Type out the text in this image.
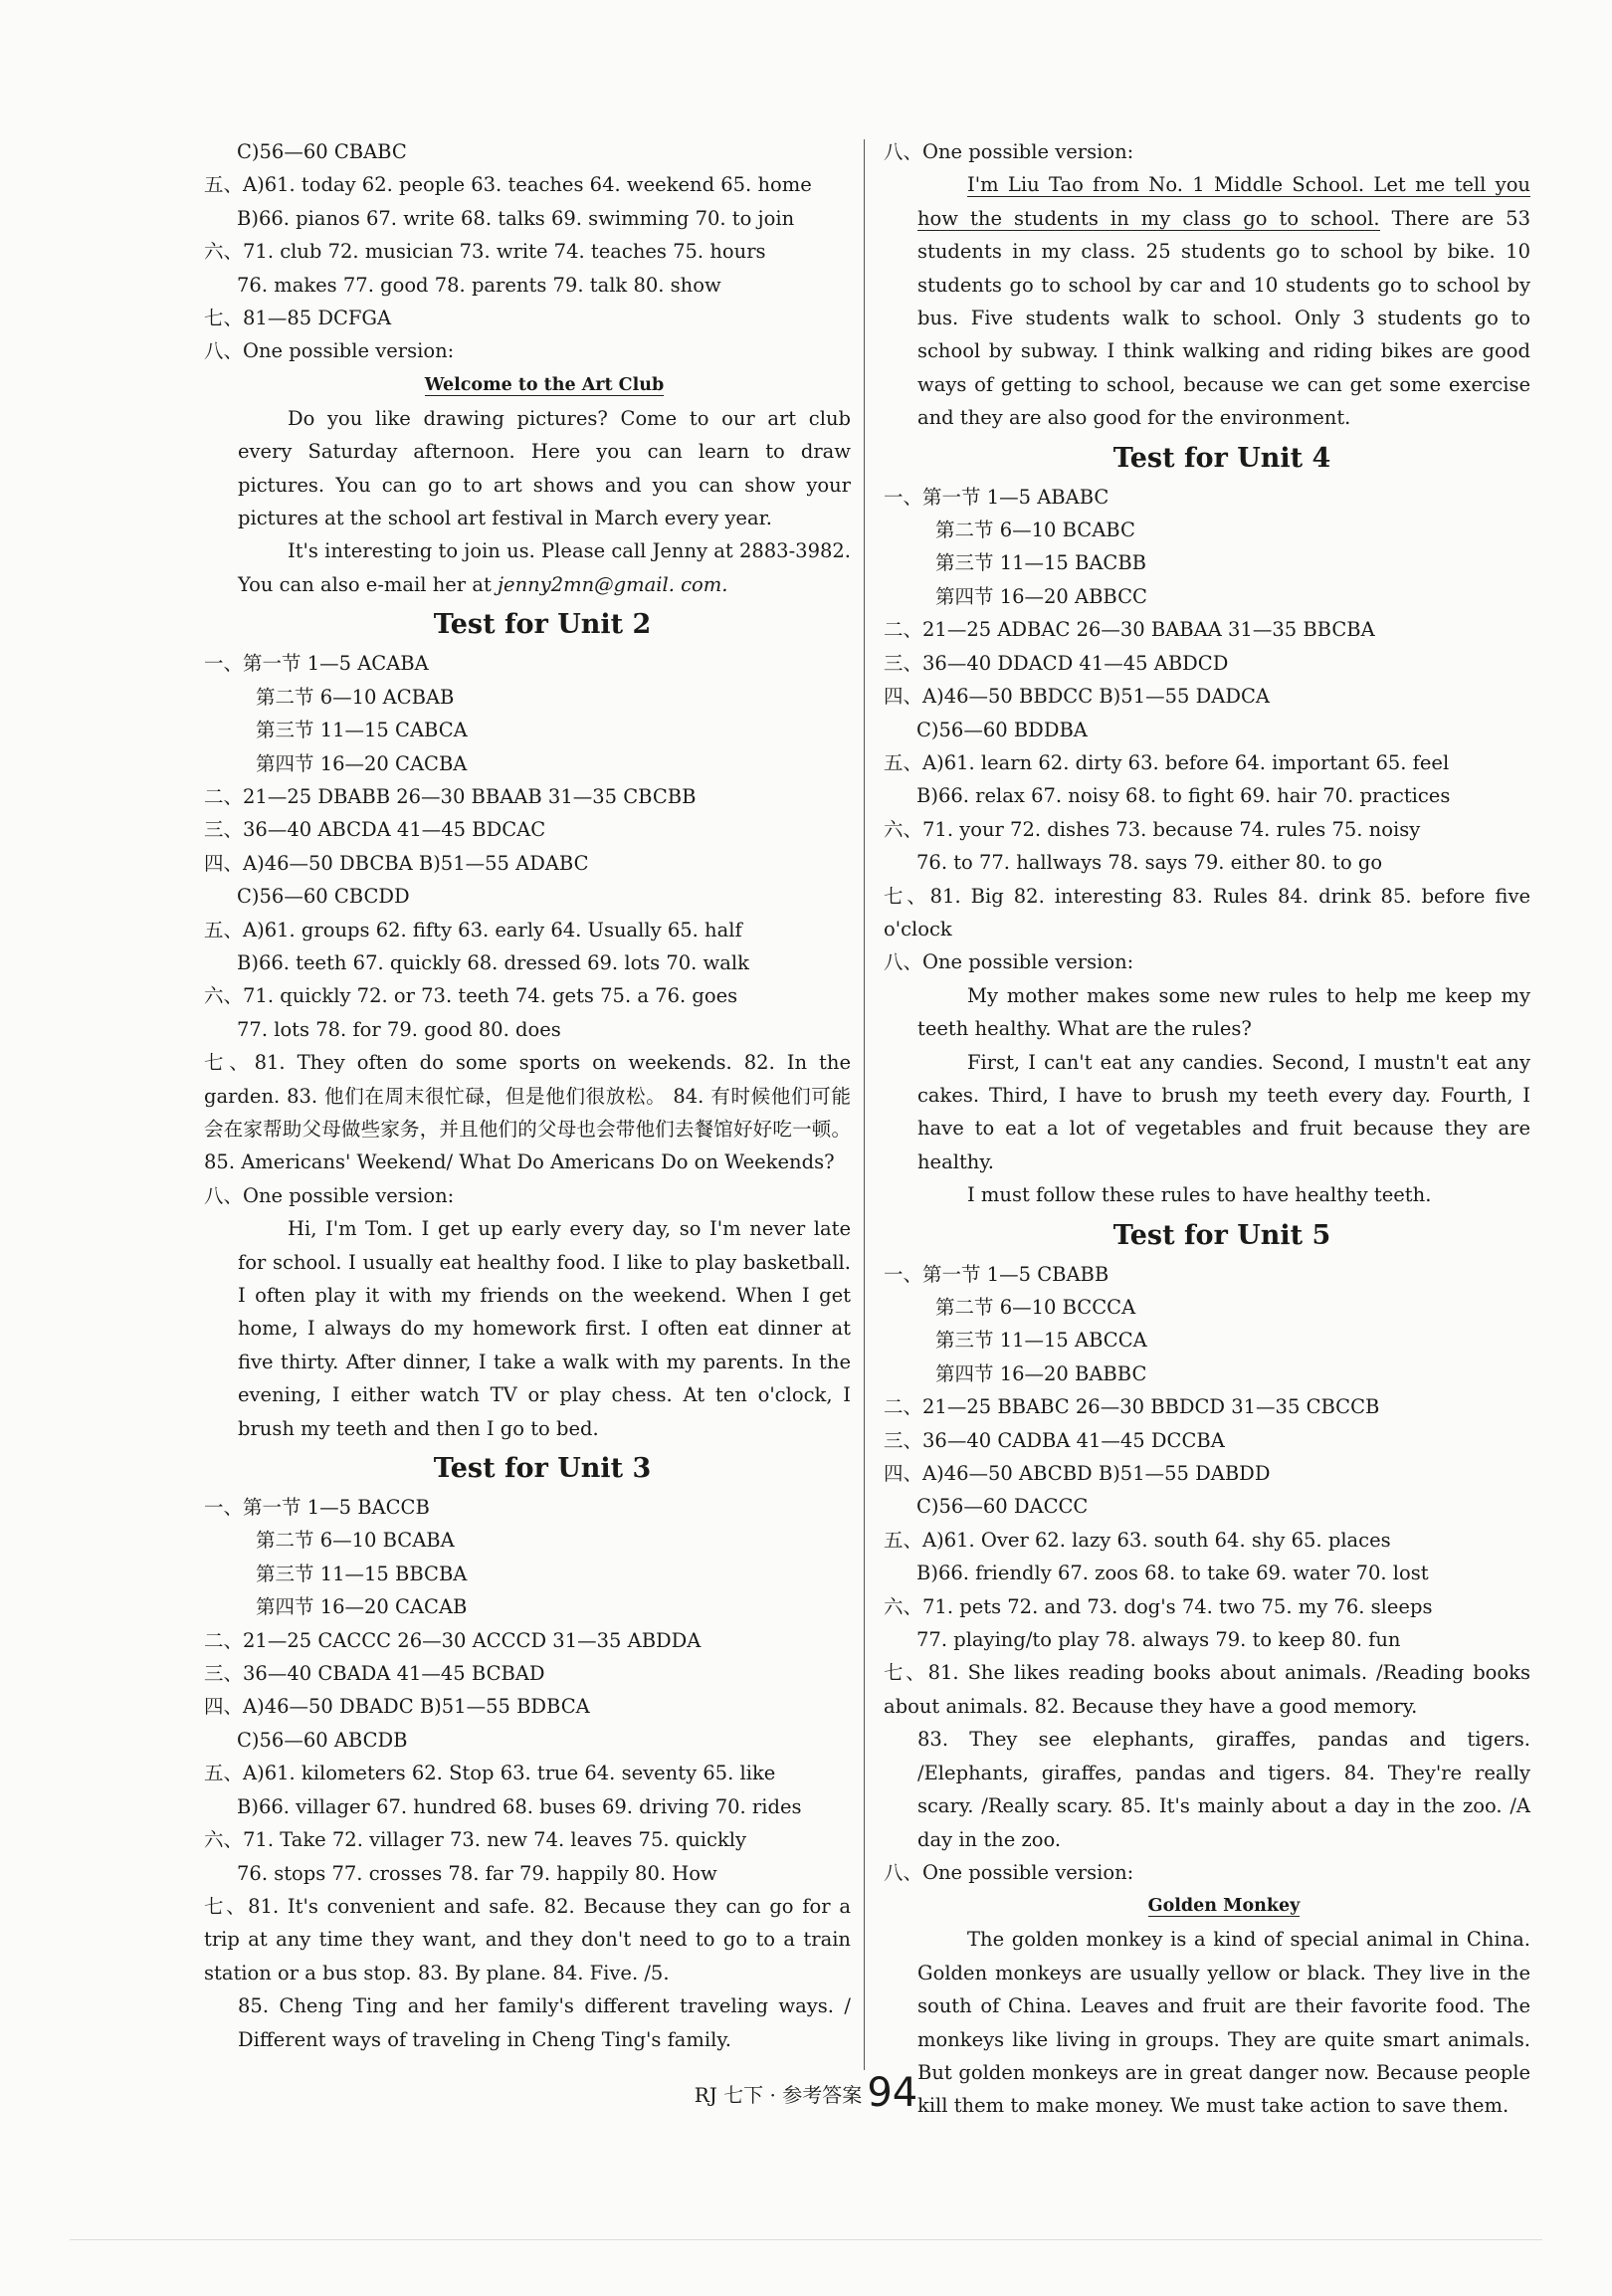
C)56—60 CBABC

五、A)61. today 62. people 63. teaches 64. weekend 65. home

B)66. pianos 67. write 68. talks 69. swimming 70. to join

六、71. club 72. musician 73. write 74. teaches 75. hours

76. makes 77. good 78. parents 79. talk 80. show

七、81—85 DCFGA

八、One possible version:

Welcome to the Art Club

Do you like drawing pictures? Come to our art club every Saturday afternoon. Here you can learn to draw pictures. You can go to art shows and you can show your pictures at the school art festival in March every year.

It's interesting to join us. Please call Jenny at 2883-3982. You can also e-mail her at jenny2mn@gmail. com.

Test for Unit 2

一、第一节 1—5 ACABA

第二节 6—10 ACBAB

第三节 11—15 CABCA

第四节 16—20 CACBA

二、21—25 DBABB 26—30 BBAAB 31—35 CBCBB

三、36—40 ABCDA 41—45 BDCAC

四、A)46—50 DBCBA B)51—55 ADABC

C)56—60 CBCDD

五、A)61. groups 62. fifty 63. early 64. Usually 65. half

B)66. teeth 67. quickly 68. dressed 69. lots 70. walk

六、71. quickly 72. or 73. teeth 74. gets 75. a 76. goes

77. lots 78. for 79. good 80. does

七、81. They often do some sports on weekends. 82. In the garden. 83. 他们在周末很忙碌，但是他们很放松。 84. 有时候他们可能会在家帮助父母做些家务，并且他们的父母也会带他们去餐馆好好吃一顿。 85. Americans' Weekend/ What Do Americans Do on Weekends?

八、One possible version:

Hi, I'm Tom. I get up early every day, so I'm never late for school. I usually eat healthy food. I like to play basketball. I often play it with my friends on the weekend. When I get home, I always do my homework first. I often eat dinner at five thirty. After dinner, I take a walk with my parents. In the evening, I either watch TV or play chess. At ten o'clock, I brush my teeth and then I go to bed.

Test for Unit 3

一、第一节 1—5 BACCB

第二节 6—10 BCABA

第三节 11—15 BBCBA

第四节 16—20 CACAB

二、21—25 CACCC 26—30 ACCCD 31—35 ABDDA

三、36—40 CBADA 41—45 BCBAD

四、A)46—50 DBADC B)51—55 BDBCA

C)56—60 ABCDB

五、A)61. kilometers 62. Stop 63. true 64. seventy 65. like

B)66. villager 67. hundred 68. buses 69. driving 70. rides

六、71. Take 72. villager 73. new 74. leaves 75. quickly

76. stops 77. crosses 78. far 79. happily 80. How

七、81. It's convenient and safe. 82. Because they can go for a trip at any time they want, and they don't need to go to a train station or a bus stop. 83. By plane. 84. Five. /5.

85. Cheng Ting and her family's different traveling ways. / Different ways of traveling in Cheng Ting's family.

八、One possible version:

I'm Liu Tao from No. 1 Middle School. Let me tell you how the students in my class go to school. There are 53 students in my class. 25 students go to school by bike. 10 students go to school by car and 10 students go to school by bus. Five students walk to school. Only 3 students go to school by subway. I think walking and riding bikes are good ways of getting to school, because we can get some exercise and they are also good for the environment.

Test for Unit 4

一、第一节 1—5 ABABC

第二节 6—10 BCABC

第三节 11—15 BACBB

第四节 16—20 ABBCC

二、21—25 ADBAC 26—30 BABAA 31—35 BBCBA

三、36—40 DDACD 41—45 ABDCD

四、A)46—50 BBDCC B)51—55 DADCA

C)56—60 BDDBA

五、A)61. learn 62. dirty 63. before 64. important 65. feel

B)66. relax 67. noisy 68. to fight 69. hair 70. practices

六、71. your 72. dishes 73. because 74. rules 75. noisy

76. to 77. hallways 78. says 79. either 80. to go

七、81. Big 82. interesting 83. Rules 84. drink 85. before five o'clock

八、One possible version:

My mother makes some new rules to help me keep my teeth healthy. What are the rules?

First, I can't eat any candies. Second, I mustn't eat any cakes. Third, I have to brush my teeth every day. Fourth, I have to eat a lot of vegetables and fruit because they are healthy.

I must follow these rules to have healthy teeth.

Test for Unit 5

一、第一节 1—5 CBABB

第二节 6—10 BCCCA

第三节 11—15 ABCCA

第四节 16—20 BABBC

二、21—25 BBABC 26—30 BBDCD 31—35 CBCCB

三、36—40 CADBA 41—45 DCCBA

四、A)46—50 ABCBD B)51—55 DABDD

C)56—60 DACCC

五、A)61. Over 62. lazy 63. south 64. shy 65. places

B)66. friendly 67. zoos 68. to take 69. water 70. lost

六、71. pets 72. and 73. dog's 74. two 75. my 76. sleeps

77. playing/to play 78. always 79. to keep 80. fun

七、81. She likes reading books about animals. /Reading books about animals. 82. Because they have a good memory.

83. They see elephants, giraffes, pandas and tigers. /Elephants, giraffes, pandas and tigers. 84. They're really scary. /Really scary. 85. It's mainly about a day in the zoo. /A day in the zoo.

八、One possible version:

Golden Monkey

The golden monkey is a kind of special animal in China. Golden monkeys are usually yellow or black. They live in the south of China. Leaves and fruit are their favorite food. The monkeys like living in groups. They are quite smart animals. But golden monkeys are in great danger now. Because people kill them to make money. We must take action to save them.

RJ 七下 · 参考答案 94
